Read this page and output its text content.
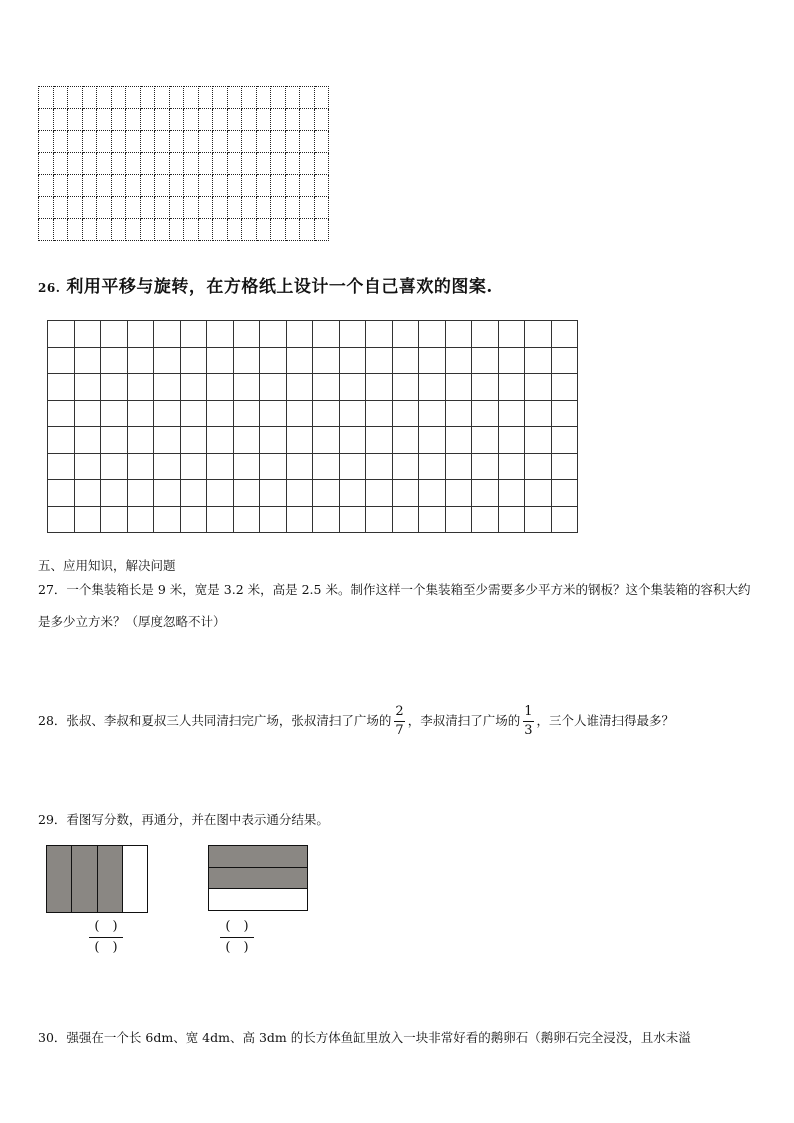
26. 利用平移与旋转，在方格纸上设计一个自己喜欢的图案.

五、应用知识，解决问题
27．一个集装箱长是 9 米，宽是 3.2 米，高是 2.5 米。制作这样一个集装箱至少需要多少平方米的钢板？这个集装箱的容积大约是多少立方米？（厚度忽略不计）
28．张叔、李叔和夏叔三人共同清扫完广场，张叔清扫了广场的 $\frac{2}{7}$ ，李叔清扫了广场的 $\frac{1}{3}$ ，三个人谁清扫得最多？
29．看图写分数，再通分，并在图中表示通分结果。
(　)
(　)
(　)
(　)
30．强强在一个长 6dm、宽 4dm、高 3dm 的长方体鱼缸里放入一块非常好看的鹅卵石（鹅卵石完全浸没，且水未溢
